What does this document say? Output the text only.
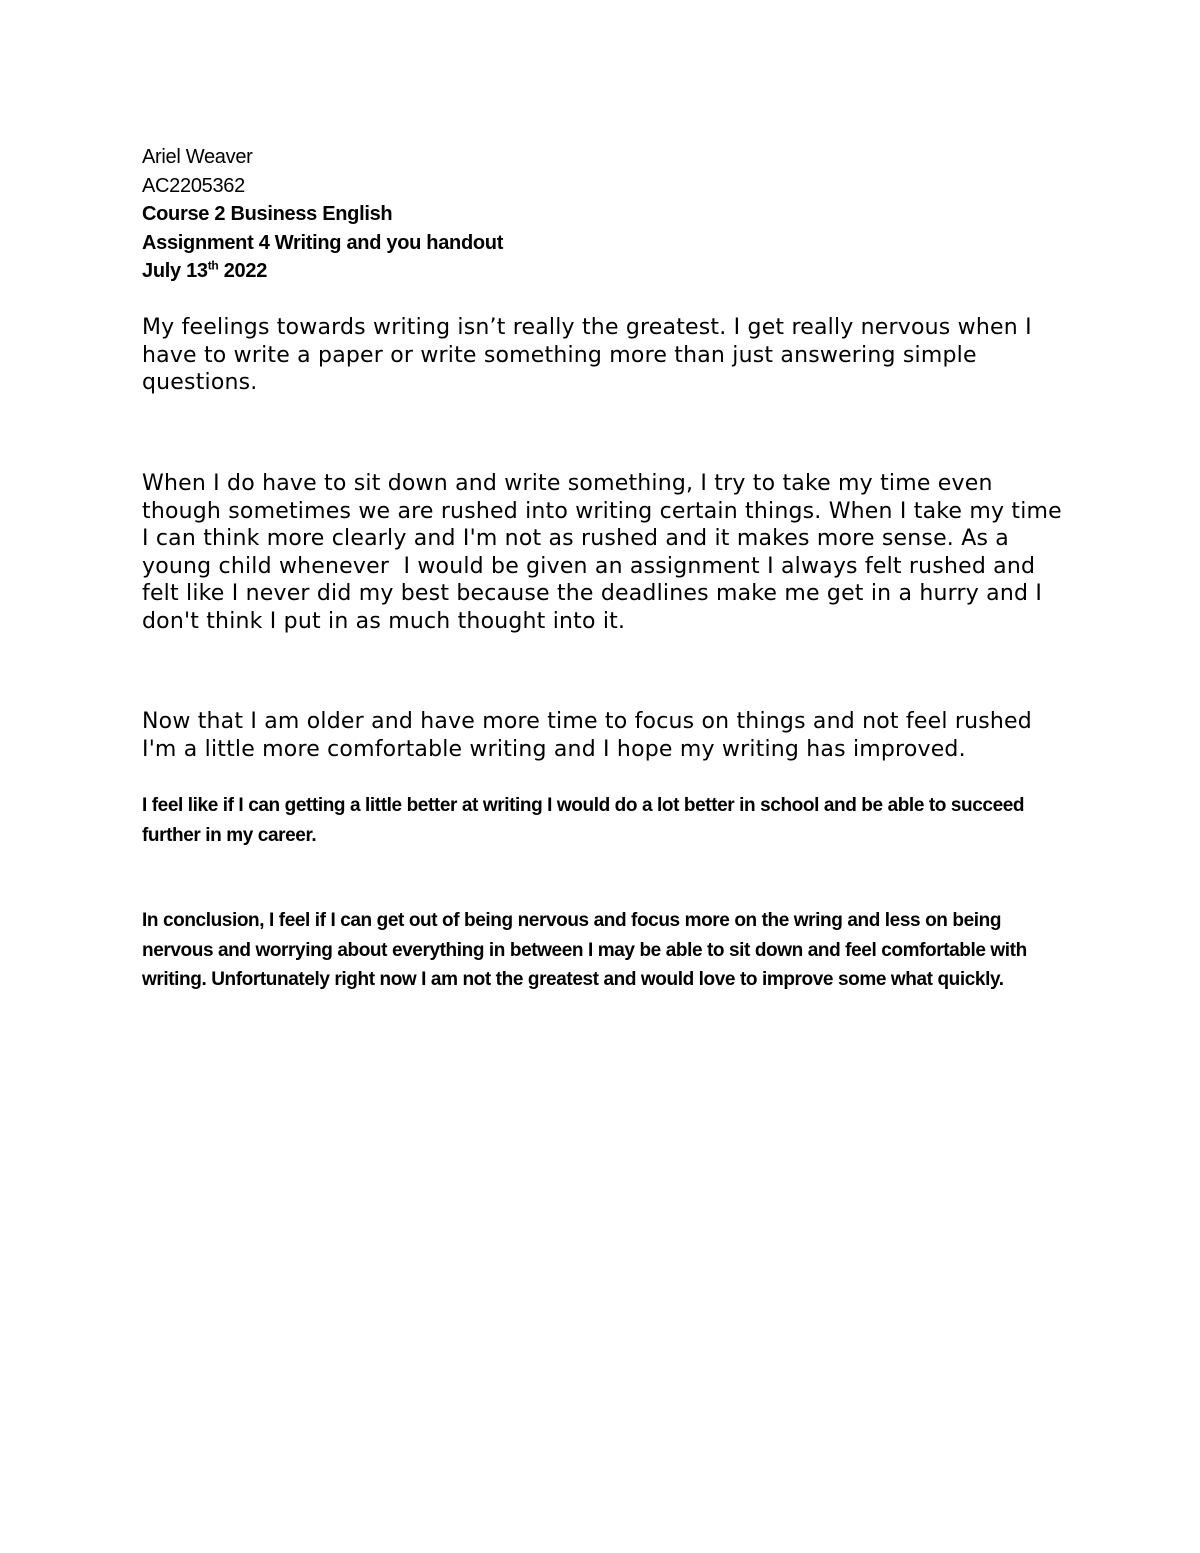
Ariel Weaver
AC2205362
Course 2 Business English
Assignment 4 Writing and you handout
July 13th 2022

My feelings towards writing isn’t really the greatest. I get really nervous when I have to write a paper or write something more than just answering simple questions.

When I do have to sit down and write something, I try to take my time even though sometimes we are rushed into writing certain things. When I take my time I can think more clearly and I'm not as rushed and it makes more sense. As a young child whenever  I would be given an assignment I always felt rushed and felt like I never did my best because the deadlines make me get in a hurry and I don't think I put in as much thought into it.

Now that I am older and have more time to focus on things and not feel rushed I'm a little more comfortable writing and I hope my writing has improved.

I feel like if I can getting a little better at writing I would do a lot better in school and be able to succeed further in my career.

In conclusion, I feel if I can get out of being nervous and focus more on the wring and less on being nervous and worrying about everything in between I may be able to sit down and feel comfortable with writing. Unfortunately right now I am not the greatest and would love to improve some what quickly.
